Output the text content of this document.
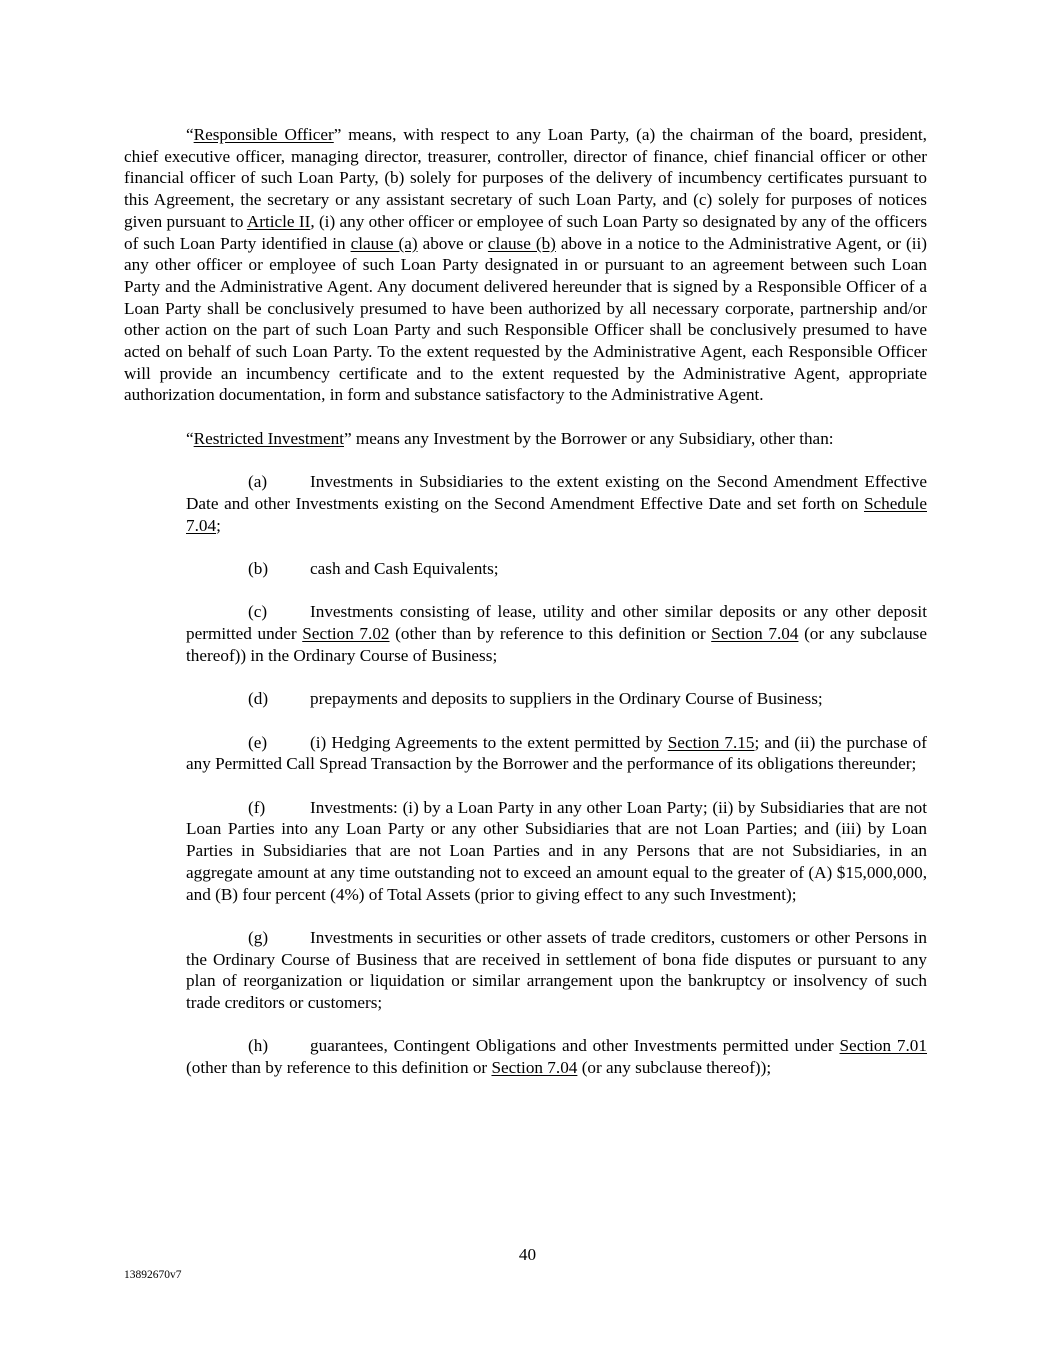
“Responsible Officer” means, with respect to any Loan Party, (a) the chairman of the board, president, chief executive officer, managing director, treasurer, controller, director of finance, chief financial officer or other financial officer of such Loan Party, (b) solely for purposes of the delivery of incumbency certificates pursuant to this Agreement, the secretary or any assistant secretary of such Loan Party, and (c) solely for purposes of notices given pursuant to Article II, (i) any other officer or employee of such Loan Party so designated by any of the officers of such Loan Party identified in clause (a) above or clause (b) above in a notice to the Administrative Agent, or (ii) any other officer or employee of such Loan Party designated in or pursuant to an agreement between such Loan Party and the Administrative Agent. Any document delivered hereunder that is signed by a Responsible Officer of a Loan Party shall be conclusively presumed to have been authorized by all necessary corporate, partnership and/or other action on the part of such Loan Party and such Responsible Officer shall be conclusively presumed to have acted on behalf of such Loan Party. To the extent requested by the Administrative Agent, each Responsible Officer will provide an incumbency certificate and to the extent requested by the Administrative Agent, appropriate authorization documentation, in form and substance satisfactory to the Administrative Agent.

“Restricted Investment” means any Investment by the Borrower or any Subsidiary, other than:

(a) Investments in Subsidiaries to the extent existing on the Second Amendment Effective Date and other Investments existing on the Second Amendment Effective Date and set forth on Schedule 7.04;

(b) cash and Cash Equivalents;

(c) Investments consisting of lease, utility and other similar deposits or any other deposit permitted under Section 7.02 (other than by reference to this definition or Section 7.04 (or any subclause thereof)) in the Ordinary Course of Business;

(d) prepayments and deposits to suppliers in the Ordinary Course of Business;

(e) (i) Hedging Agreements to the extent permitted by Section 7.15; and (ii) the purchase of any Permitted Call Spread Transaction by the Borrower and the performance of its obligations thereunder;

(f)	Investments: (i) by a Loan Party in any other Loan Party; (ii) by Subsidiaries that are not Loan Parties into any Loan Party or any other Subsidiaries that are not Loan Parties; and (iii) by Loan Parties in Subsidiaries that are not Loan Parties and in any Persons that are not Subsidiaries, in an aggregate amount at any time outstanding not to exceed an amount equal to the greater of (A) $15,000,000, and (B) four percent (4%) of Total Assets (prior to giving effect to any such Investment);

(g) Investments in securities or other assets of trade creditors, customers or other Persons in the Ordinary Course of Business that are received in settlement of bona fide disputes or pursuant to any plan of reorganization or liquidation or similar arrangement upon the bankruptcy or insolvency of such trade creditors or customers;

(h) guarantees, Contingent Obligations and other Investments permitted under Section 7.01 (other than by reference to this definition or Section 7.04 (or any subclause thereof));

40
13892670v7
